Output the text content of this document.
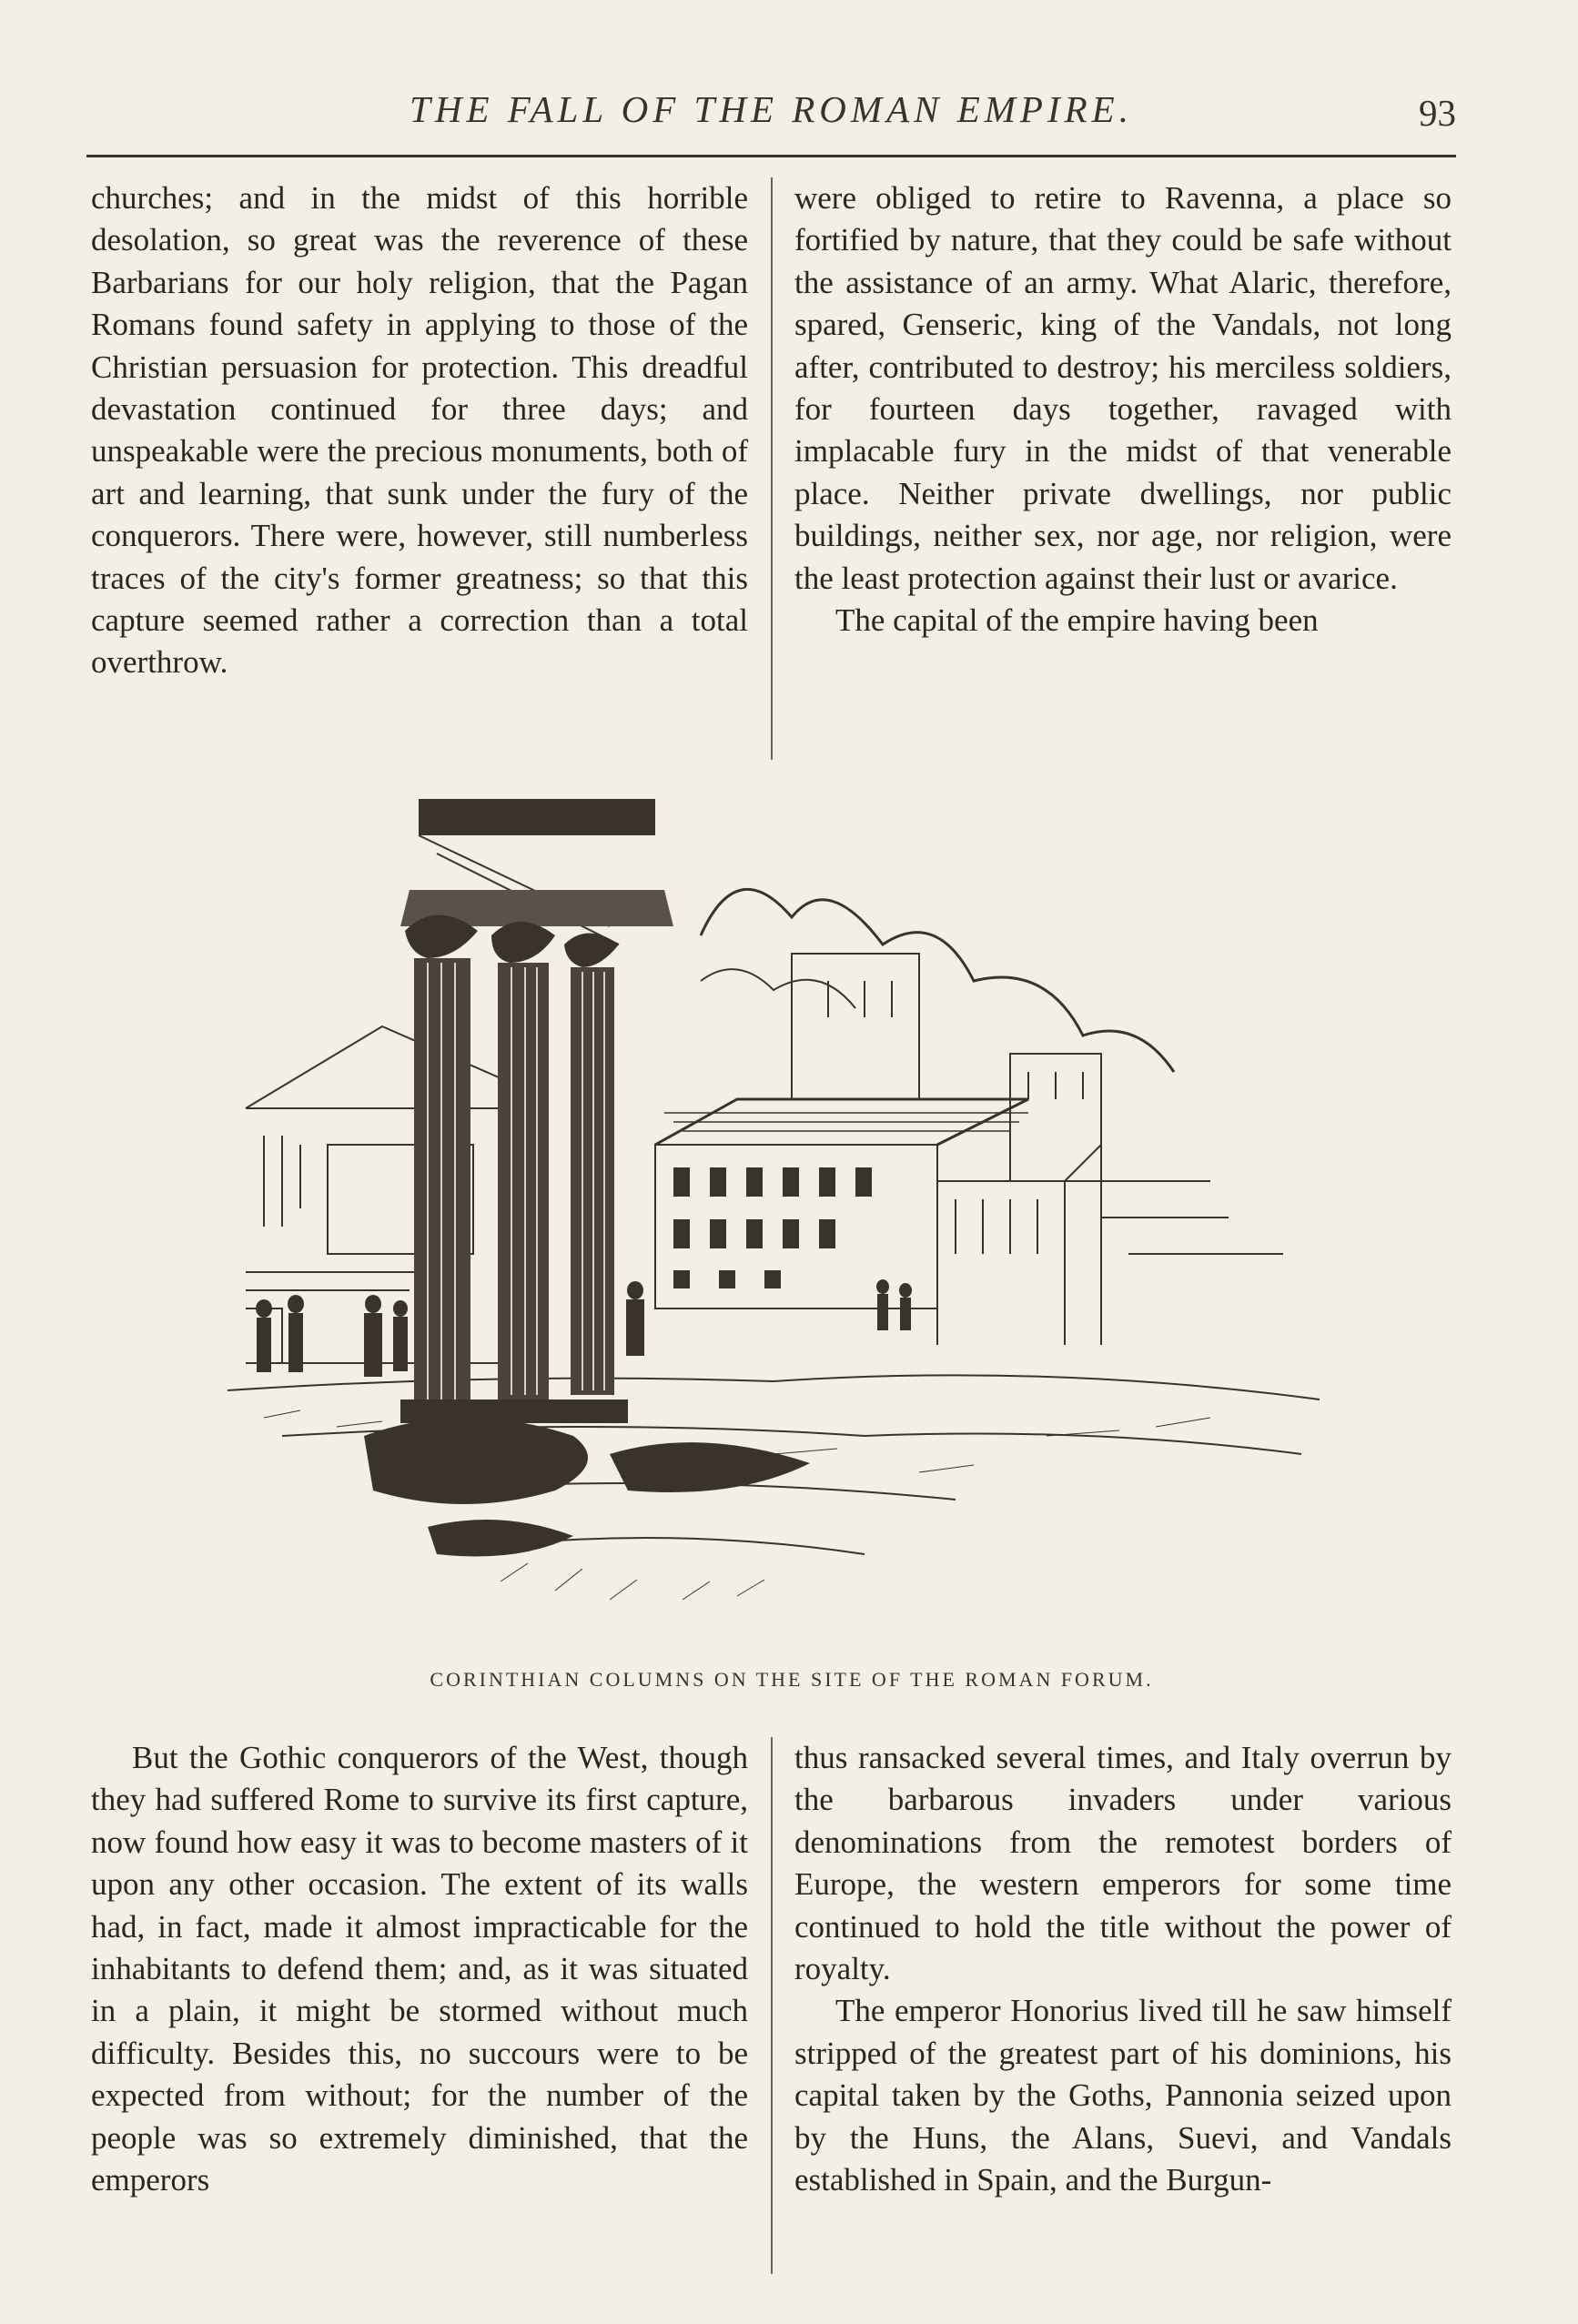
THE FALL OF THE ROMAN EMPIRE.	93

churches; and in the midst of this horrible desolation, so great was the reverence of these Barbarians for our holy religion, that the Pagan Romans found safety in applying to those of the Christian persuasion for protection. This dreadful devastation continued for three days; and unspeakable were the precious monuments, both of art and learning, that sunk under the fury of the conquerors. There were, however, still numberless traces of the city's former greatness; so that this capture seemed rather a correction than a total overthrow.

were obliged to retire to Ravenna, a place so fortified by nature, that they could be safe without the assistance of an army. What Alaric, therefore, spared, Genseric, king of the Vandals, not long after, contributed to destroy; his merciless soldiers, for fourteen days together, ravaged with implacable fury in the midst of that venerable place. Neither private dwellings, nor public buildings, neither sex, nor age, nor religion, were the least protection against their lust or avarice.

The capital of the empire having been

CORINTHIAN COLUMNS ON THE SITE OF THE ROMAN FORUM.

But the Gothic conquerors of the West, though they had suffered Rome to survive its first capture, now found how easy it was to become masters of it upon any other occasion. The extent of its walls had, in fact, made it almost impracticable for the inhabitants to defend them; and, as it was situated in a plain, it might be stormed without much difficulty. Besides this, no succours were to be expected from without; for the number of the people was so extremely diminished, that the emperors

thus ransacked several times, and Italy overrun by the barbarous invaders under various denominations from the remotest borders of Europe, the western emperors for some time continued to hold the title without the power of royalty.

The emperor Honorius lived till he saw himself stripped of the greatest part of his dominions, his capital taken by the Goths, Pannonia seized upon by the Huns, the Alans, Suevi, and Vandals established in Spain, and the Burgun-
